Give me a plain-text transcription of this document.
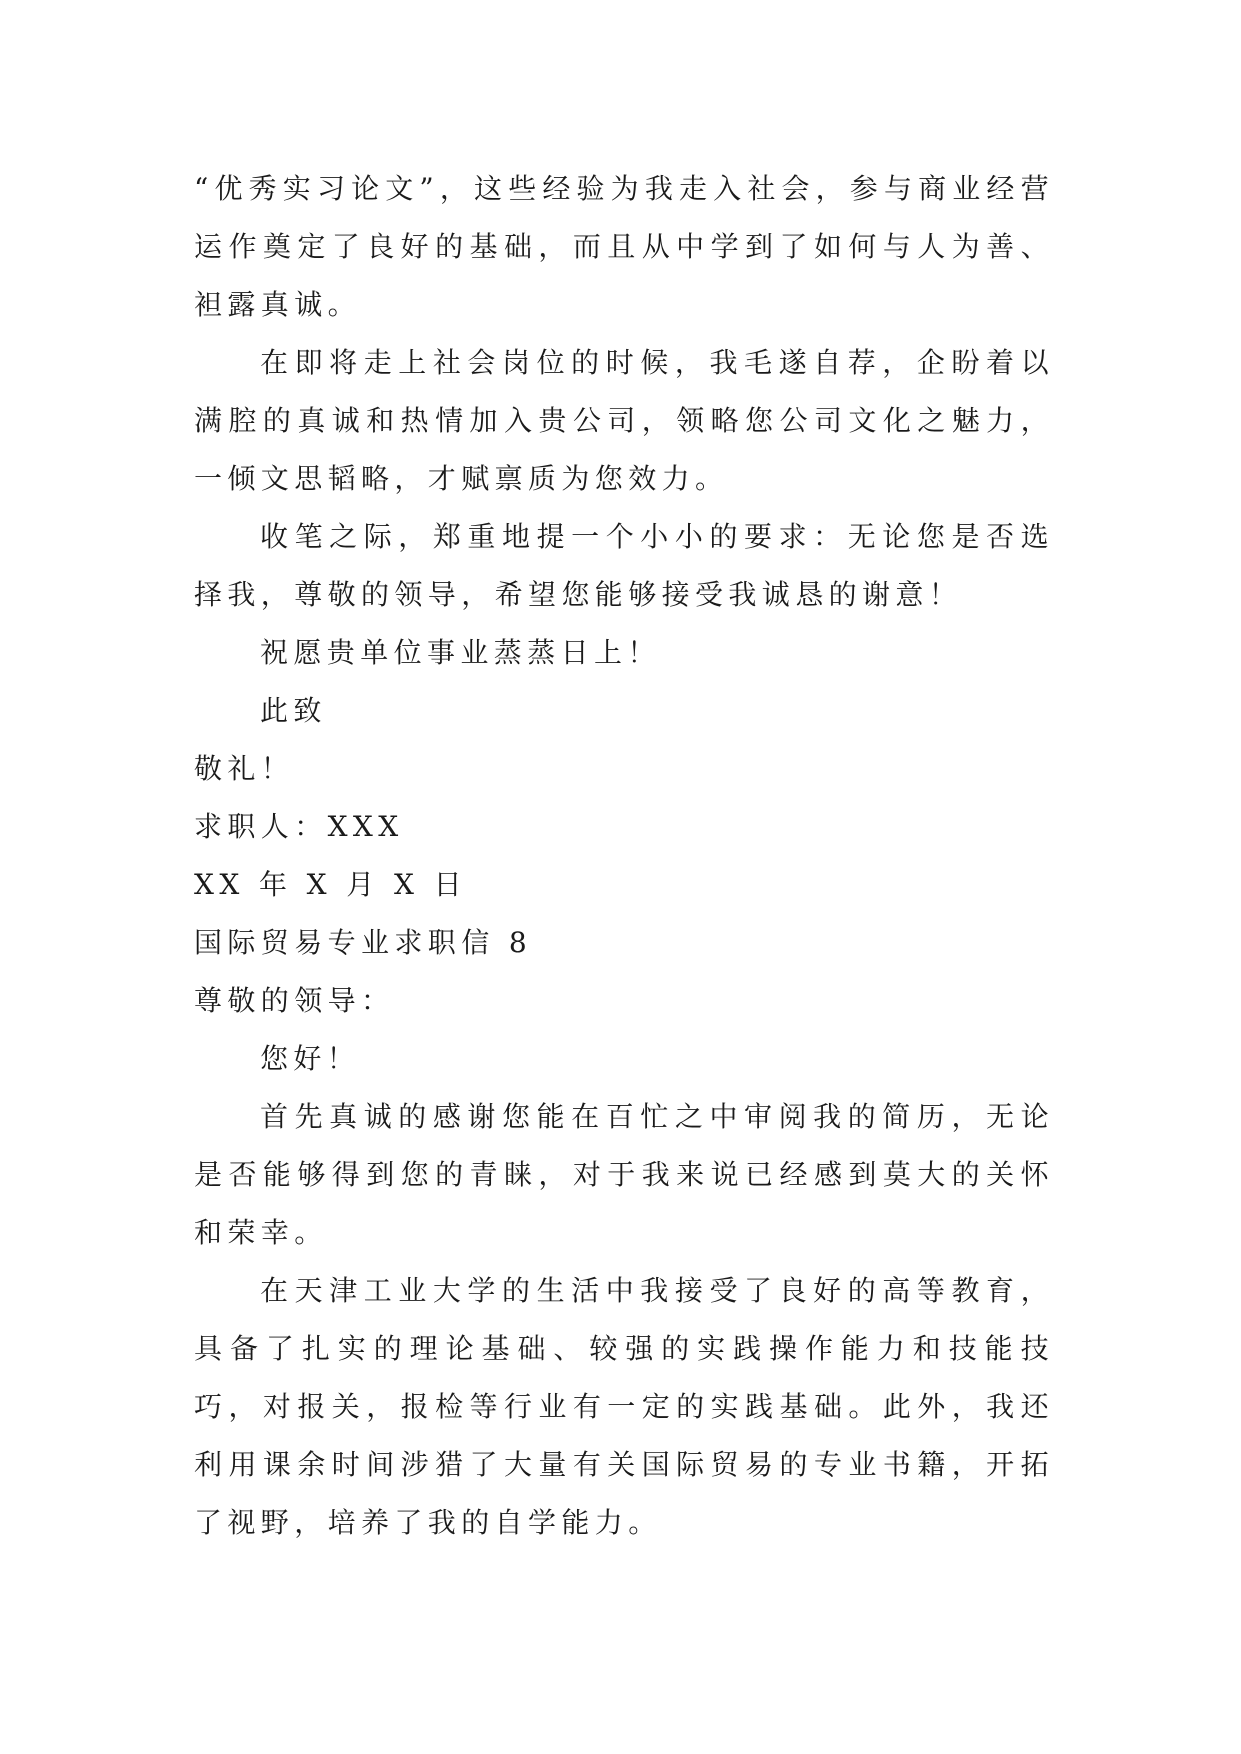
“优秀实习论文”，这些经验为我走入社会，参与商业经营运作奠定了良好的基础，而且从中学到了如何与人为善、袒露真诚。

在即将走上社会岗位的时候，我毛遂自荐，企盼着以满腔的真诚和热情加入贵公司，领略您公司文化之魅力，一倾文思韬略，才赋禀质为您效力。

收笔之际，郑重地提一个小小的要求：无论您是否选择我，尊敬的领导，希望您能够接受我诚恳的谢意！

祝愿贵单位事业蒸蒸日上！

此致

敬礼！

求职人：XXX

XX 年 X 月 X 日

国际贸易专业求职信 8

尊敬的领导：

您好！

首先真诚的感谢您能在百忙之中审阅我的简历，无论是否能够得到您的青睐，对于我来说已经感到莫大的关怀和荣幸。

在天津工业大学的生活中我接受了良好的高等教育，具备了扎实的理论基础、较强的实践操作能力和技能技巧，对报关，报检等行业有一定的实践基础。此外，我还利用课余时间涉猎了大量有关国际贸易的专业书籍，开拓了视野，培养了我的自学能力。
